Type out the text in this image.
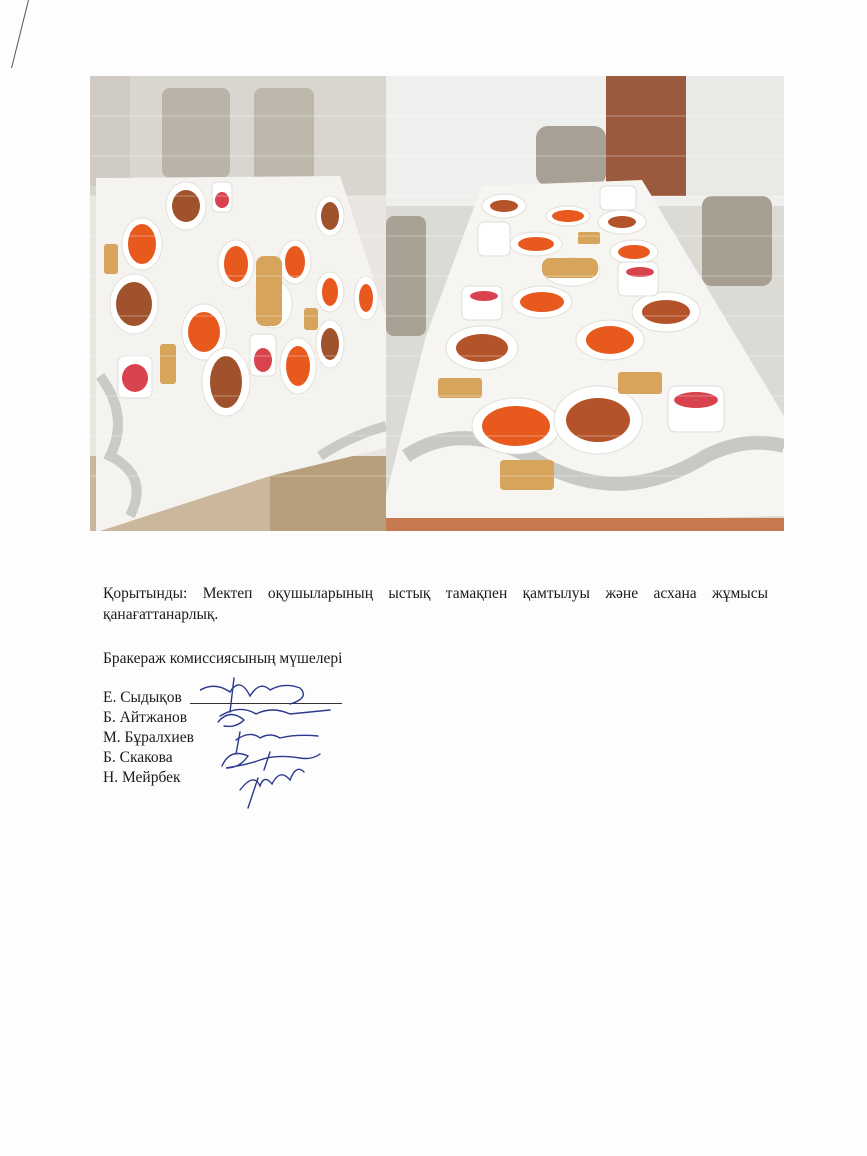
Қорытынды: Мектеп оқушыларының ыстық тамақпен қамтылуы және асхана жұмысы қанағаттанарлық.

Бракераж комиссиясының мүшелері
Е. Сыдықов
Б. Айтжанов
М. Бұралхиев
Б. Скакова
Н. Мейрбек
